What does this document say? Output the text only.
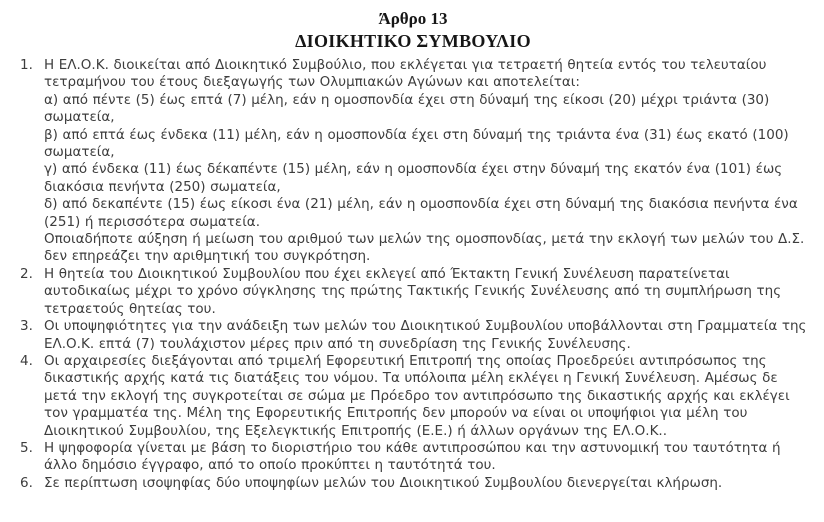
Άρθρο 13
ΔΙΟΙΚΗΤΙΚΟ ΣΥΜΒΟΥΛΙΟ
1. Η ΕΛ.Ο.Κ. διοικείται από Διοικητικό Συμβούλιο, που εκλέγεται για τετραετή θητεία εντός του τελευταίου τετραμήνου του έτους διεξαγωγής των Ολυμπιακών Αγώνων και αποτελείται:
α) από πέντε (5) έως επτά (7) μέλη, εάν η ομοσπονδία έχει στη δύναμή της είκοσι (20) μέχρι τριάντα (30) σωματεία,
β) από επτά έως ένδεκα (11) μέλη, εάν η ομοσπονδία έχει στη δύναμή της τριάντα ένα (31) έως εκατό (100) σωματεία,
γ) από ένδεκα (11) έως δέκαπέντε (15) μέλη, εάν η ομοσπονδία έχει στην δύναμή της εκατόν ένα (101) έως διακόσια πενήντα (250) σωματεία,
δ) από δεκαπέντε (15) έως είκοσι ένα (21) μέλη, εάν η ομοσπονδία έχει στη δύναμή της διακόσια πενήντα ένα (251) ή περισσότερα σωματεία.
Οποιαδήποτε αύξηση ή μείωση του αριθμού των μελών της ομοσπονδίας, μετά την εκλογή των μελών του Δ.Σ. δεν επηρεάζει την αριθμητική του συγκρότηση.
2. Η θητεία του Διοικητικού Συμβουλίου που έχει εκλεγεί από Έκτακτη Γενική Συνέλευση παρατείνεται αυτοδικαίως μέχρι το χρόνο σύγκλησης της πρώτης Τακτικής Γενικής Συνέλευσης από τη συμπλήρωση της τετραετούς θητείας του.
3. Οι υποψηφιότητες για την ανάδειξη των μελών του Διοικητικού Συμβουλίου υποβάλλονται στη Γραμματεία της ΕΛ.Ο.Κ. επτά (7) τουλάχιστον μέρες πριν από τη συνεδρίαση της Γενικής Συνέλευσης.
4. Οι αρχαιρεσίες διεξάγονται από τριμελή Εφορευτική Επιτροπή της οποίας Προεδρεύει αντιπρόσωπος της δικαστικής αρχής κατά τις διατάξεις του νόμου. Τα υπόλοιπα μέλη εκλέγει η Γενική Συνέλευση. Αμέσως δε μετά την εκλογή της συγκροτείται σε σώμα με Πρόεδρο τον αντιπρόσωπο της δικαστικής αρχής και εκλέγει τον γραμματέα της. Μέλη της Εφορευτικής Επιτροπής δεν μπορούν να είναι οι υποψήφιοι για μέλη του Διοικητικού Συμβουλίου, της Εξελεγκτικής Επιτροπής (Ε.Ε.) ή άλλων οργάνων της ΕΛ.Ο.Κ..
5. Η ψηφοφορία γίνεται με βάση το διοριστήριο του κάθε αντιπροσώπου και την αστυνομική του ταυτότητα ή άλλο δημόσιο έγγραφο, από το οποίο προκύπτει η ταυτότητά του.
6. Σε περίπτωση ισοψηφίας δύο υποψηφίων μελών του Διοικητικού Συμβουλίου διενεργείται κλήρωση.
